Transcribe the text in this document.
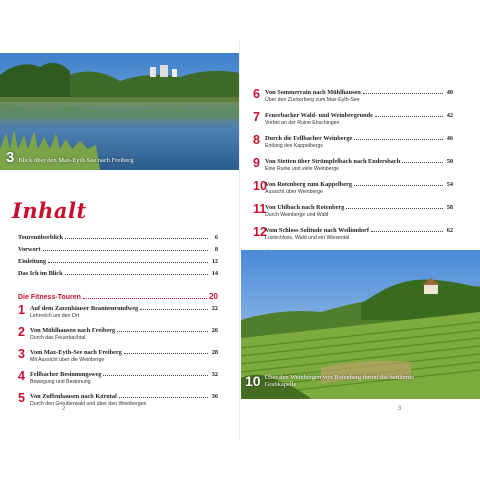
3 Blick über den Max-Eyth-See nach Freiberg
Inhalt
Tourenüberblick	6
Vorwort	8
Einleitung	12
Das Ich im Blick	14
Die Fitness-Touren	20
1 Auf dem Zazenhäuser Brannenrundweg	22
Lehrreich um den Ort
2 Von Mühlhausen nach Freiberg	26
Durch das Feuerbachtal
3 Vom Max-Eyth-See nach Freiberg	28
Mit Aussicht über die Weinberge
4 Fellbacher Besinnungsweg	32
Bewegung und Besinnung
5 Von Zuffenhausen nach Korntal	36
Durch den Greutterwald und über den Weinbergen
2
6 Von Sommerrain nach Mühlhausen	40
Über den Zuckerberg zum Max-Eyth-See
7 Feuerbacher Wald- und Weinbergrunde	42
Vorbei an der Ruine Ehschingen
8 Durch die Fellbacher Weinberge	46
Entlang des Kappelbergs
9 Von Stetten über Strümpfelbach nach Endersbach	50
Eine Ruine und viele Weinberge
10
Von Rotenberg zum Kappelberg	54
Aussicht über Weinberge
11
Von Uhlbach nach Rotenberg	58
Durch Weinberge und Wald
12
Vom Schloss Solitude nach Weilimdorf	62
Lustschloss, Wald und ein Wiesental
10 Über den Weinbergen von Rotenberg thront die berühmte Grabkapelle
3
